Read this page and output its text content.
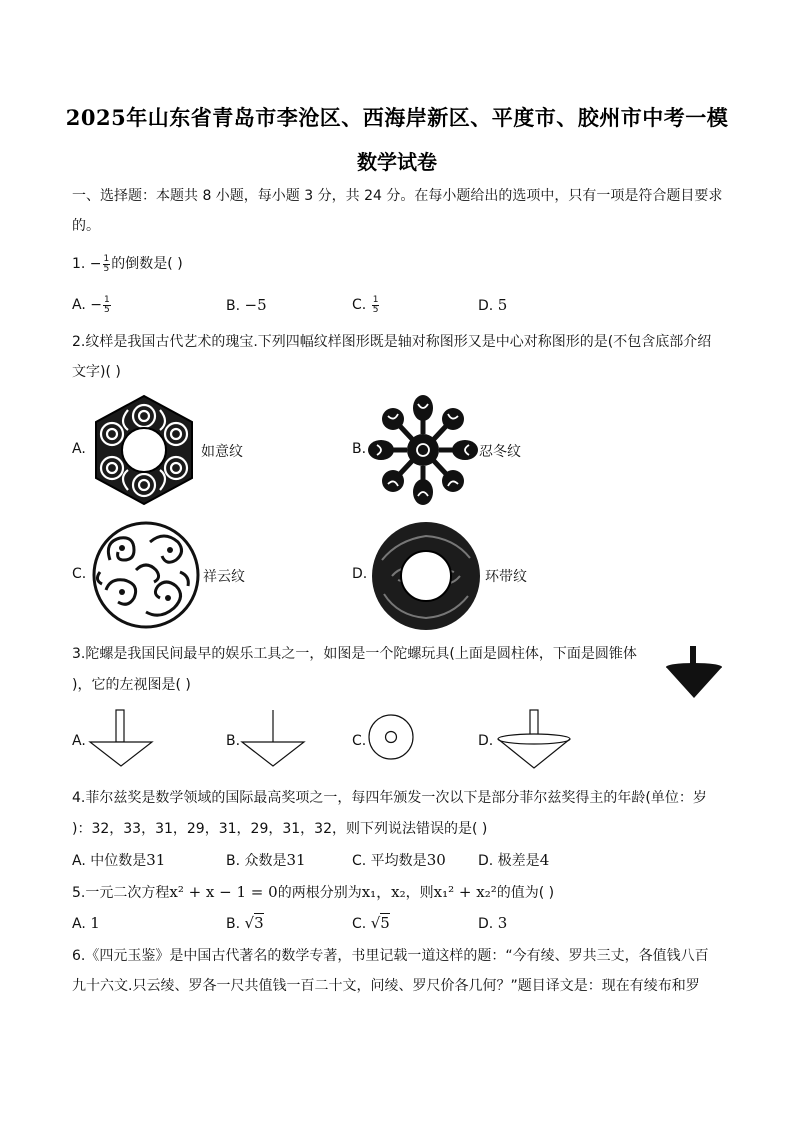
2025年山东省青岛市李沧区、西海岸新区、平度市、胶州市中考一模
数学试卷
一、选择题：本题共 8 小题，每小题 3 分，共 24 分。在每小题给出的选项中，只有一项是符合题目要求
的。
1. − $\frac{1}{5}$ 的倒数是( )
A. − $\frac{1}{5}$	B. −5	C. $\frac{1}{5}$	D. 5
2.纹样是我国古代艺术的瑰宝.下列四幅纹样图形既是轴对称图形又是中心对称图形的是(不包含底部介绍
文字)( )
A.	如意纹	B.	忍冬纹
C.	祥云纹	D.	环带纹
3.陀螺是我国民间最早的娱乐工具之一，如图是一个陀螺玩具(上面是圆柱体，下面是圆锥体
)，它的左视图是( )
A.	B.	C.	D.
4.菲尔兹奖是数学领域的国际最高奖项之一，每四年颁发一次以下是部分菲尔兹奖得主的年龄(单位：岁
)：32，33，31，29，31，29，31，32，则下列说法错误的是( )
A. 中位数是31	B. 众数是31	C. 平均数是30 D. 极差是4
5.一元二次方程x² + x − 1 = 0的两根分别为x₁，x₂，则x₁² + x₂²的值为( )
A. 1	B. √3	C. √5	D. 3
6.《四元玉鉴》是中国古代著名的数学专著，书里记载一道这样的题：“今有绫、罗共三丈，各值钱八百
九十六文.只云绫、罗各一尺共值钱一百二十文，问绫、罗尺价各几何？”题目译文是：现在有绫布和罗
